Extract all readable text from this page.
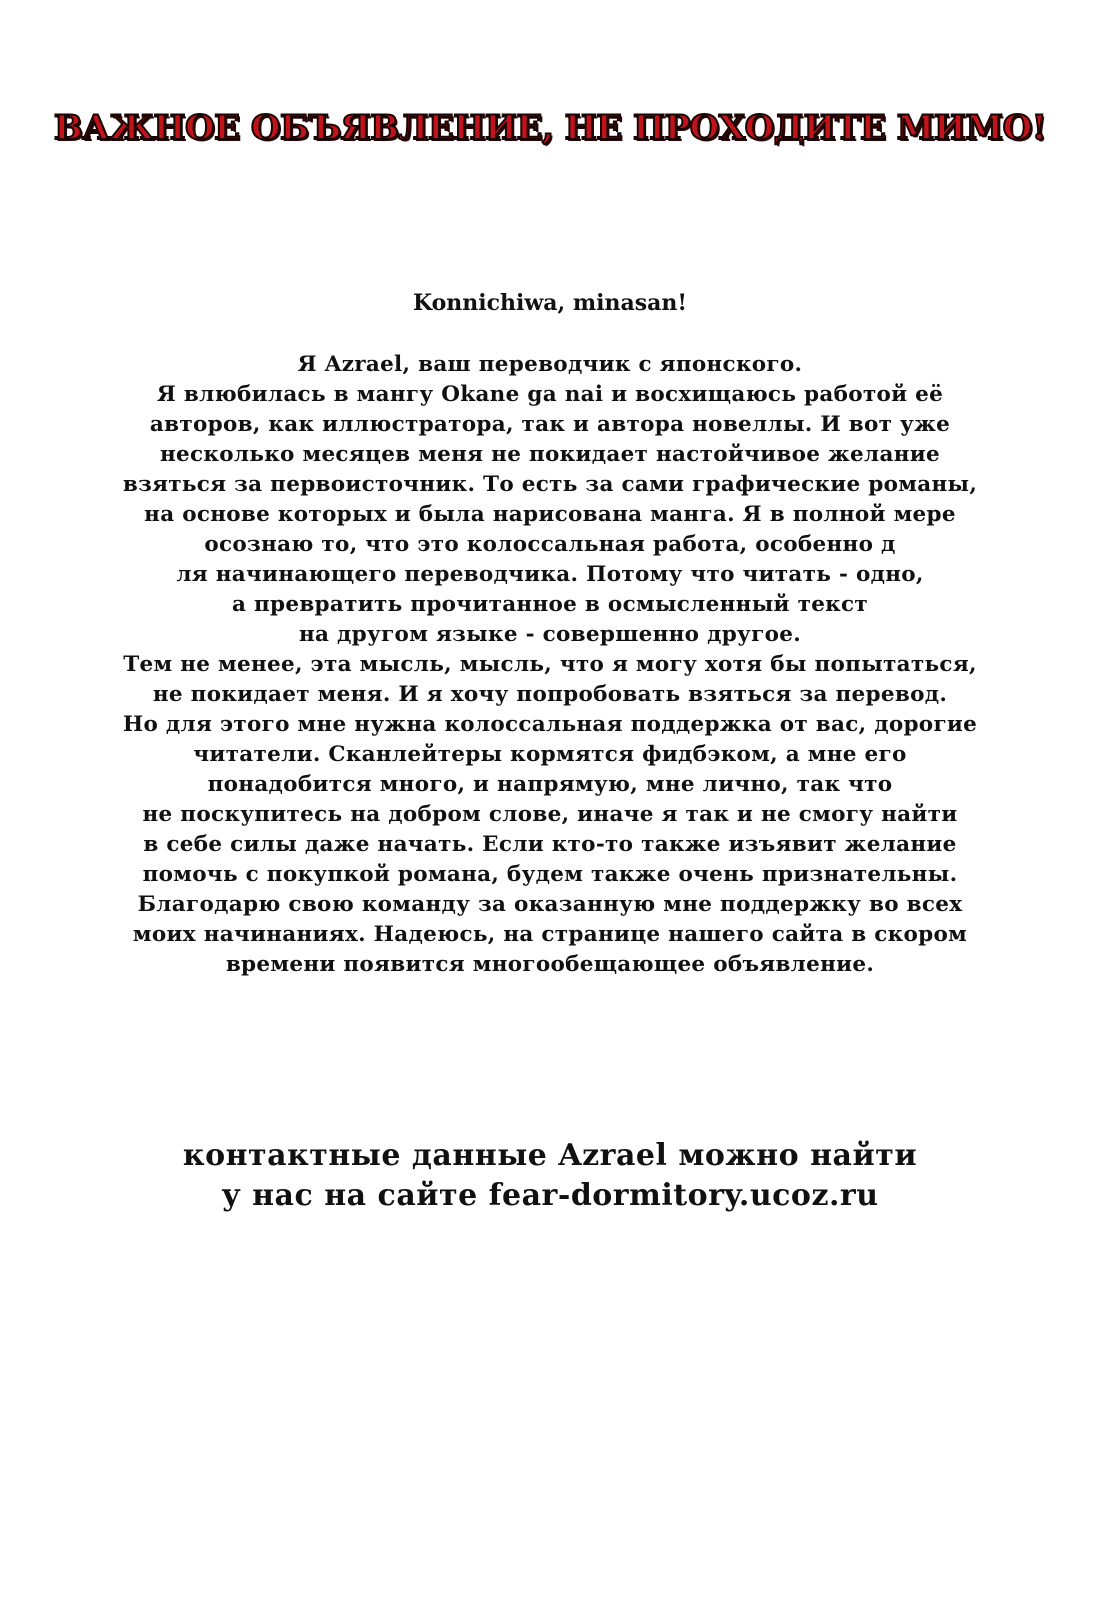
ВАЖНОЕ ОБЪЯВЛЕНИЕ, НЕ ПРОХОДИТЕ МИМО!
Konnichiwa, minasan!
Я Azrael, ваш переводчик с японского.
Я влюбилась в мангу Okane ga nai и восхищаюсь работой её
авторов, как иллюстратора, так и автора новеллы. И вот уже
несколько месяцев меня не покидает настойчивое желание
взяться за первоисточник. То есть за сами графические романы,
на основе которых и была нарисована манга. Я в полной мере
осознаю то, что это колоссальная работа, особенно д
ля начинающего переводчика. Потому что читать - одно,
а превратить прочитанное в осмысленный текст
на другом языке - совершенно другое.
Тем не менее, эта мысль, мысль, что я могу хотя бы попытаться,
не покидает меня. И я хочу попробовать взяться за перевод.
Но для этого мне нужна колоссальная поддержка от вас, дорогие
читатели. Сканлейтеры кормятся фидбэком, а мне его
понадобится много, и напрямую, мне лично, так что
не поскупитесь на добром слове, иначе я так и не смогу найти
в себе силы даже начать. Если кто-то также изъявит желание
помочь с покупкой романа, будем также очень признательны.
Благодарю свою команду за оказанную мне поддержку во всех
моих начинаниях. Надеюсь, на странице нашего сайта в скором
времени появится многообещающее объявление.
контактные данные Azrael можно найти
у нас на сайте fear-dormitory.ucoz.ru
